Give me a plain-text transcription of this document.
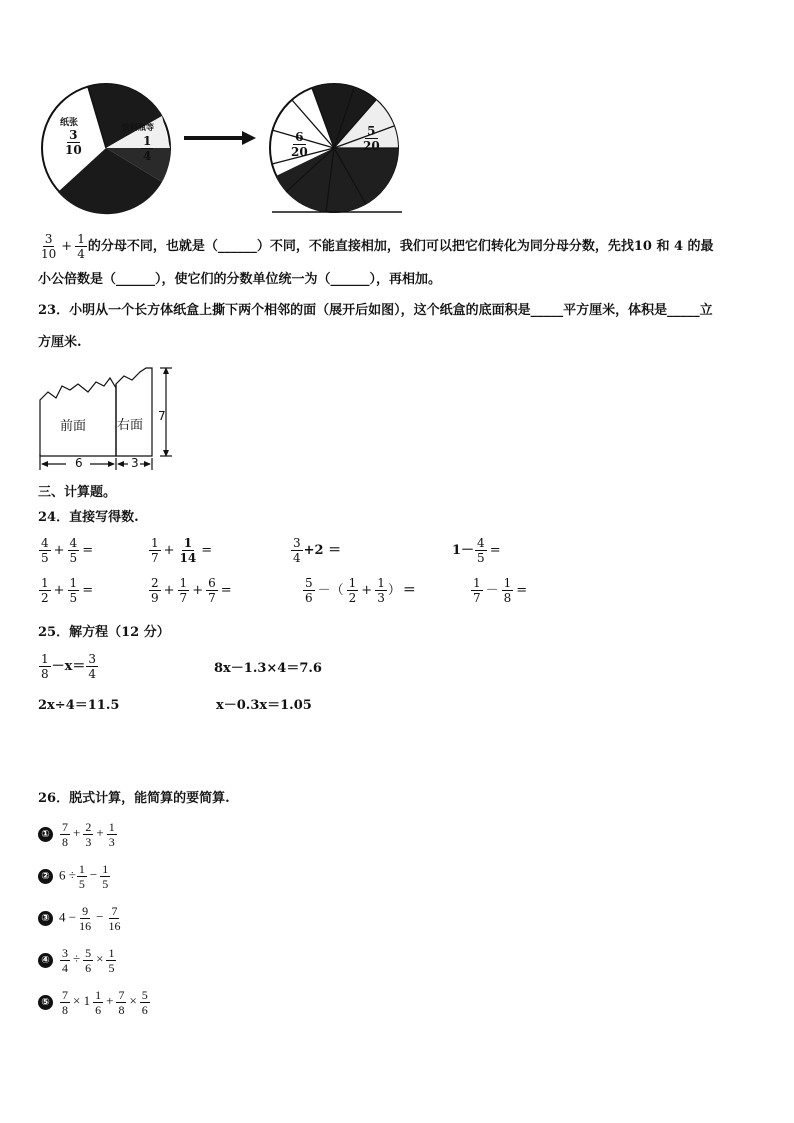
纸张
$\frac{3}{10}$
饮料瓶等
$\frac{1}{4}$	$\frac{6}{20}$	$\frac{5}{20}$
$\frac{3}{10} + \frac{1}{4}$ 的分母不同，也就是（______）不同，不能直接相加，我们可以把它们转化为同分母分数，先找10 和 4 的最
小公倍数是（______），使它们的分数单位统一为（______），再相加。
23．小明从一个长方体纸盒上撕下两个相邻的面（展开后如图），这个纸盒的底面积是_____平方厘米，体积是_____立
方厘米.
前面 右面
6	3
7
三、计算题。
24．直接写得数.
$\frac{4}{5} + \frac{4}{5}$ =	$\frac{1}{7} + \frac{1}{14}$ =	$\frac{3}{4} +2$ ＝	$1- \frac{4}{5}$ =
$\frac{1}{2} + \frac{1}{5}$ =	$\frac{2}{9} + \frac{1}{7} + \frac{6}{7}$ =	$\frac{5}{6}$ －（ $\frac{1}{2} + \frac{1}{3}$ ） ＝	$\frac{1}{7} - \frac{1}{8}$ =
25．解方程（12 分）
$\frac{1}{8} -x= \frac{3}{4}$	8x－1.3×4＝7.6
2x÷4＝11.5	x－0.3x＝1.05
26．脱式计算，能简算的要简算.
① $\frac{7}{8} + \frac{2}{3} + \frac{1}{3}$
② $6 \div \frac{1}{5} - \frac{1}{5}$
③ $4 - \frac{9}{16} - \frac{7}{16}$
④ $\frac{3}{4} \div \frac{5}{6} \times \frac{1}{5}$
⑤ $\frac{7}{8} \times 1 \frac{1}{6} + \frac{7}{8} \times \frac{5}{6}$
